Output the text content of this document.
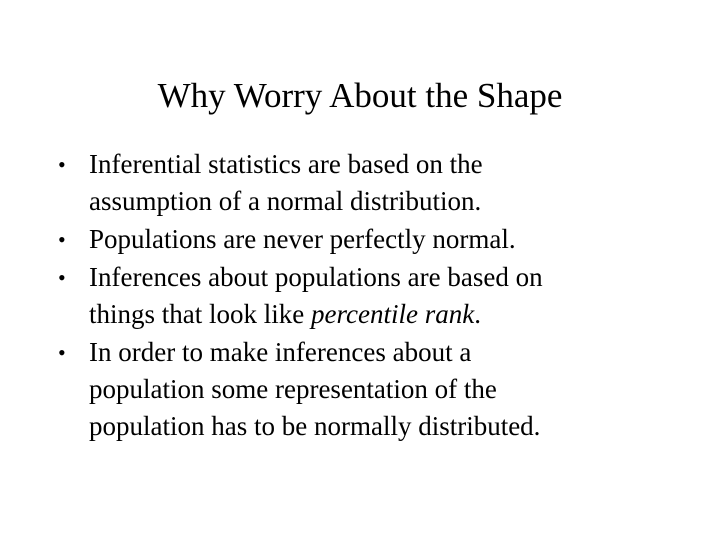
Why Worry About the Shape
• Inferential statistics are based on the
assumption of a normal distribution.
• Populations are never perfectly normal.
• Inferences about populations are based on
things that look like percentile rank.
• In order to make inferences about a
population some representation of the
population has to be normally distributed.
